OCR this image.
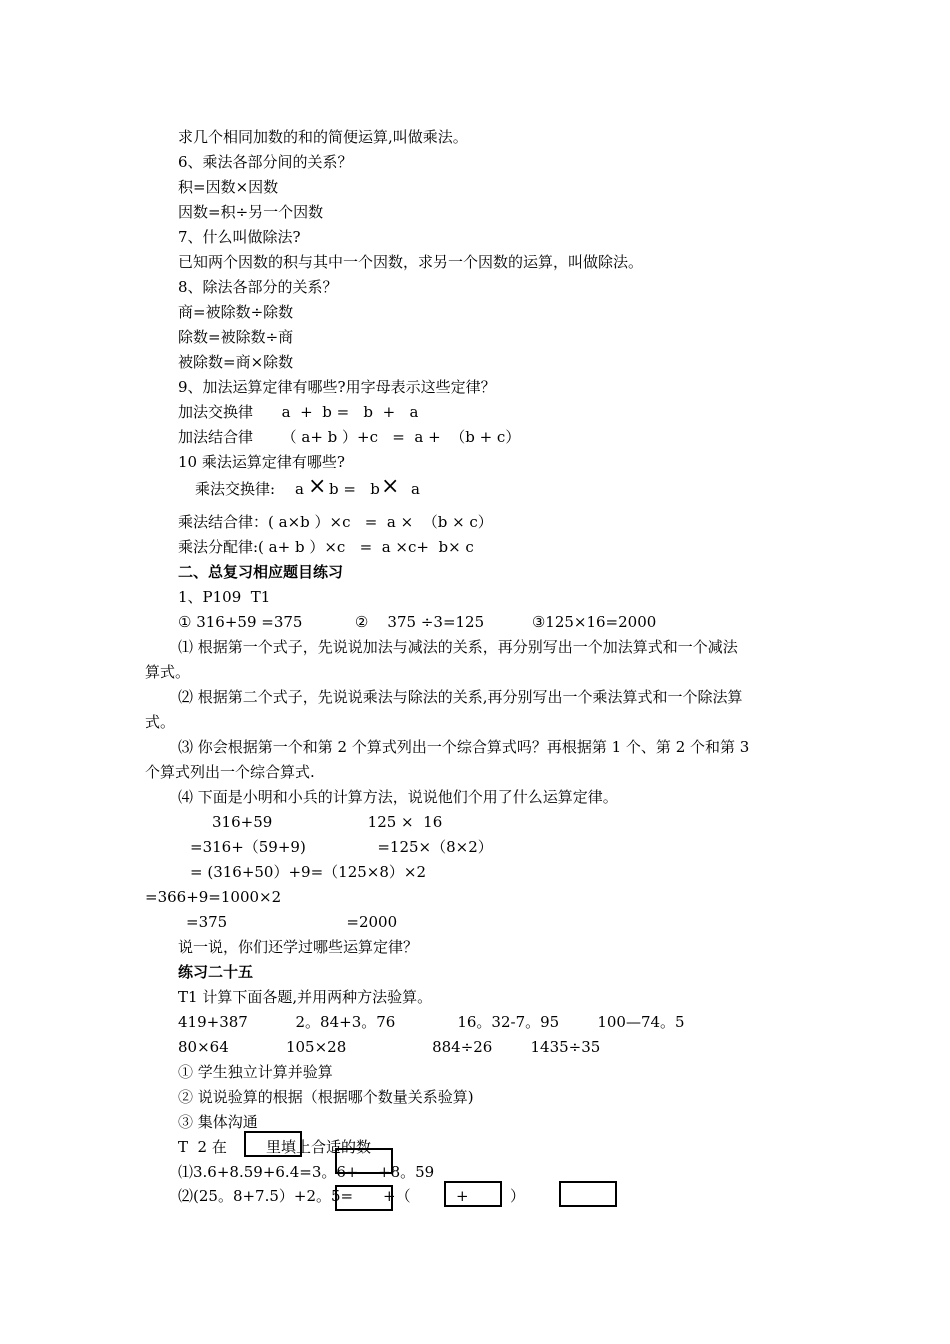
求几个相同加数的和的简便运算,叫做乘法。
6、乘法各部分间的关系？
积=因数×因数
因数=积÷另一个因数
7、什么叫做除法?
已知两个因数的积与其中一个因数，求另一个因数的运算，叫做除法。
8、除法各部分的关系？
商=被除数÷除数
除数=被除数÷商
被除数=商×除数
9、加法运算定律有哪些?用字母表示这些定律？
加法交换律      a  +  b =   b  +   a
加法结合律      （ a+ b ）+c   =  a +  （b + c）
10 乘法运算定律有哪些?
乘法交换律: a × b =   b × a
乘法结合律：( a×b ）×c   =  a ×  （b × c）
乘法分配律:( a+ b ）×c   =  a ×c+  b× c
二、总复习相应题目练习
1、P109  T1
① 316+59 =375           ②    375 ÷3=125          ③125×16=2000
⑴ 根据第一个式子，先说说加法与减法的关系，再分别写出一个加法算式和一个减法
算式。
⑵ 根据第二个式子，先说说乘法与除法的关系,再分别写出一个乘法算式和一个除法算
式。
⑶ 你会根据第一个和第 2 个算式列出一个综合算式吗？再根据第 1 个、第 2 个和第 3
个算式列出一个综合算式.
⑷ 下面是小明和小兵的计算方法，说说他们个用了什么运算定律。
316+59                    125 ×  16
=316+（59+9)               =125×（8×2）
= (316+50）+9=（125×8）×2
=366+9=1000×2
=375                         =2000
说一说，你们还学过哪些运算定律？
练习二十五
T1 计算下面各题,并用两种方法验算。
419+387          2。84+3。76             16。32-7。95        100—74。5
80×64            105×28                  884÷26        1435÷35
① 学生独立计算并验算
② 说说验算的根据（根据哪个数量关系验算)
③ 集体沟通
T  2 在	里填上合适的数
⑴3.6+8.59+6.4=3。6+ +8。59
⑵(25。8+7.5）+2。5= +（	+	）
